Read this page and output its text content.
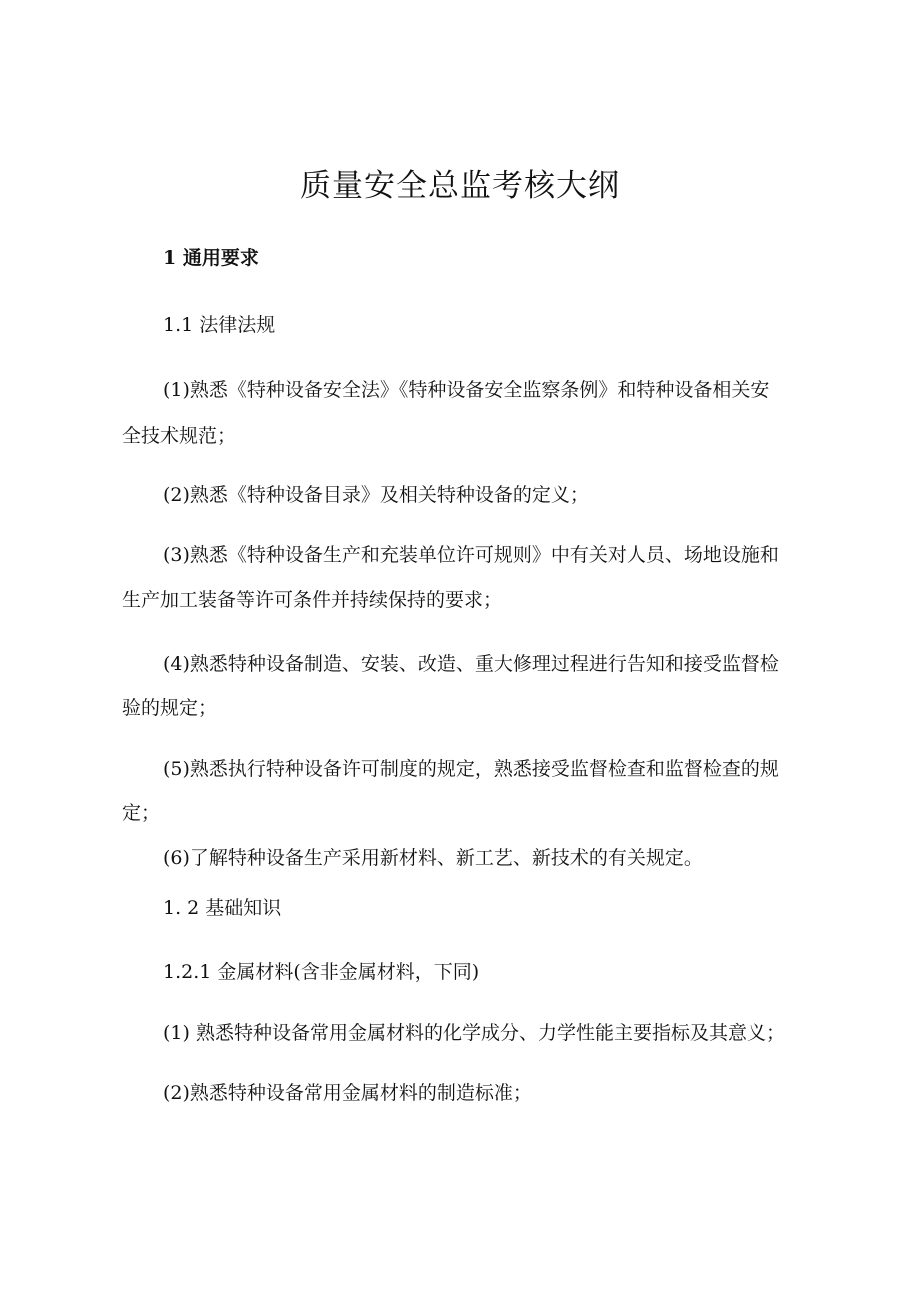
质量安全总监考核大纲
1 通用要求
1.1 法律法规
(1)熟悉《特种设备安全法》《特种设备安全监察条例》和特种设备相关安
全技术规范；
(2)熟悉《特种设备目录》及相关特种设备的定义；
(3)熟悉《特种设备生产和充装单位许可规则》中有关对人员、场地设施和
生产加工装备等许可条件并持续保持的要求；
(4)熟悉特种设备制造、安装、改造、重大修理过程进行告知和接受监督检
验的规定；
(5)熟悉执行特种设备许可制度的规定，熟悉接受监督检查和监督检查的规
定；
(6)了解特种设备生产采用新材料、新工艺、新技术的有关规定。
1. 2 基础知识
1.2.1 金属材料(含非金属材料，下同)
(1) 熟悉特种设备常用金属材料的化学成分、力学性能主要指标及其意义；
(2)熟悉特种设备常用金属材料的制造标准；
